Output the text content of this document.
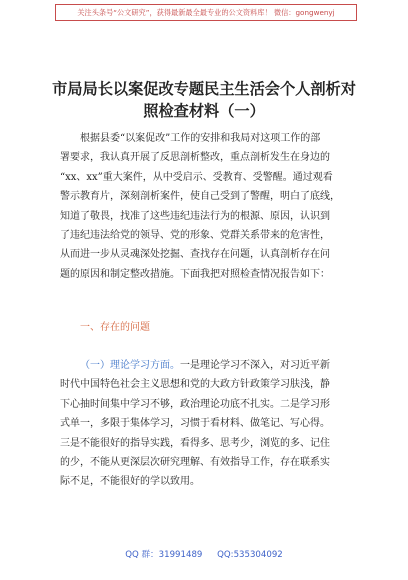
关注头条号“公文研究”，获得最新最全最专业的公文资料库！ 微信：gongwenyj
市局局长以案促改专题民主生活会个人剖析对
照检查材料（一）
根据县委“以案促改”工作的安排和我局对这项工作的部
署要求，我认真开展了反思剖析整改，重点剖析发生在身边的
“xx、xx”重大案件，从中受启示、受教育、受警醒。通过观看
警示教育片，深刻剖析案件，使自己受到了警醒，明白了底线，
知道了敬畏，找准了这些违纪违法行为的根源、原因，认识到
了违纪违法给党的领导、党的形象、党群关系带来的危害性，
从而进一步从灵魂深处挖掘、查找存在问题，认真剖析存在问
题的原因和制定整改措施。下面我把对照检查情况报告如下：
一、存在的问题
（一）理论学习方面。一是理论学习不深入，对习近平新
时代中国特色社会主义思想和党的大政方针政策学习肤浅，静
下心抽时间集中学习不够，政治理论功底不扎实。二是学习形
式单一，多限于集体学习，习惯于看材料、做笔记、写心得。
三是不能很好的指导实践，看得多、思考少，浏览的多、记住
的少，不能从更深层次研究理解、有效指导工作，存在联系实
际不足，不能很好的学以致用。
QQ 群：31991489 QQ:535304092
